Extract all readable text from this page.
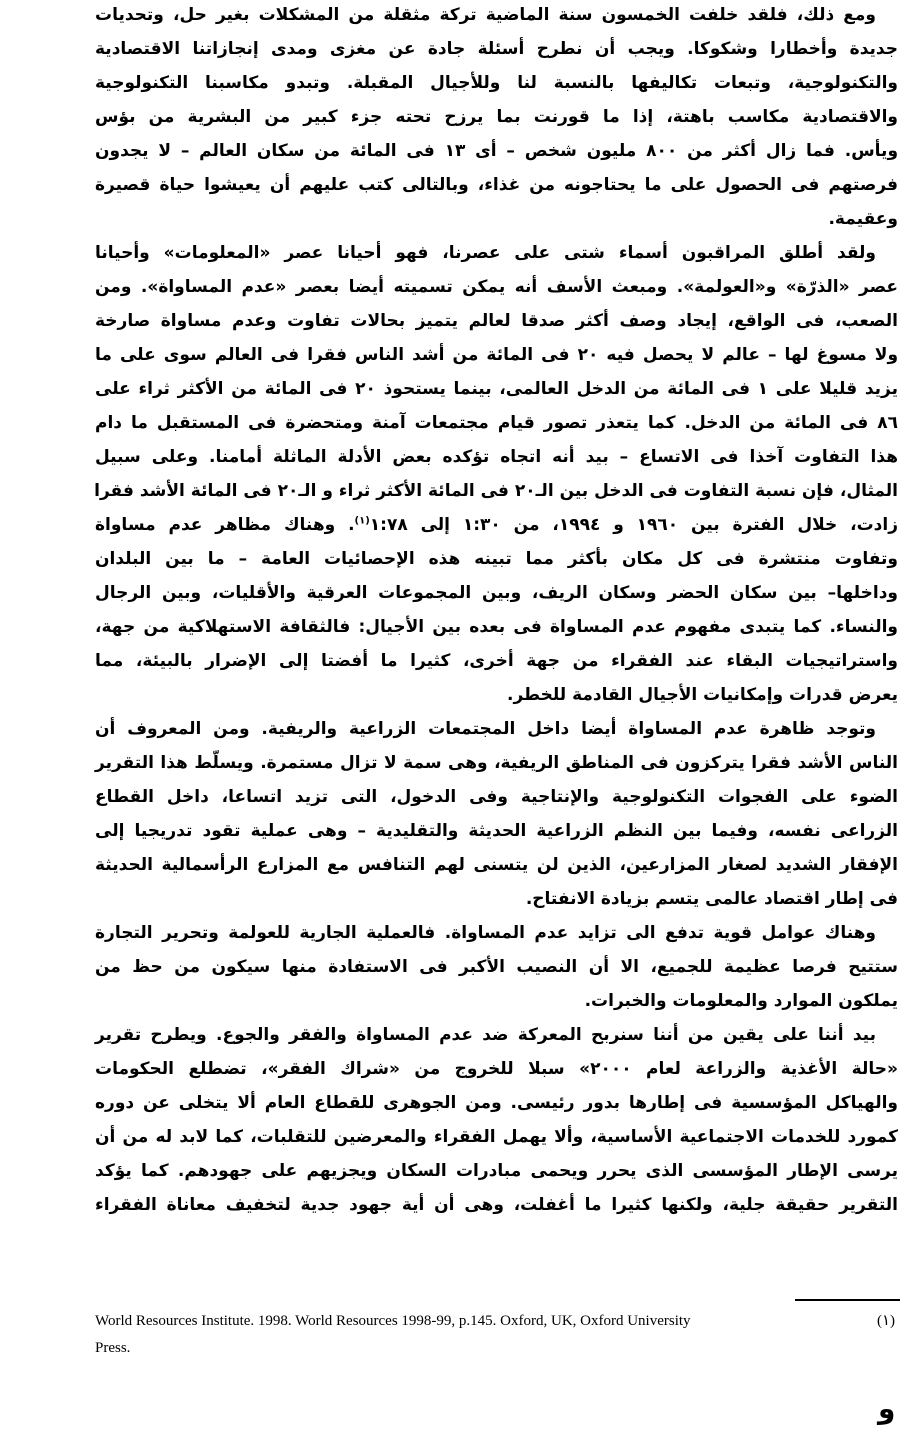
ومع ذلك، فلقد خلفت الخمسون سنة الماضية تركة مثقلة من المشكلات بغير حل، وتحديات
جديدة وأخطارا وشكوكا. ويجب أن نطرح أسئلة جادة عن مغزى ومدى إنجازاتنا الاقتصادية
والتكنولوجية، وتبعات تكاليفها بالنسبة لنا وللأجيال المقبلة. وتبدو مكاسبنا التكنولوجية
والاقتصادية مكاسب باهتة، إذا ما قورنت بما يرزح تحته جزء كبير من البشرية من بؤس
ويأس. فما زال أكثر من ٨٠٠ مليون شخص – أى ١٣ فى المائة من سكان العالم – لا يجدون
فرصتهم فى الحصول على ما يحتاجونه من غذاء، وبالتالى كتب عليهم أن يعيشوا حياة قصيرة
وعقيمة.
ولقد أطلق المراقبون أسماء شتى على عصرنا، فهو أحيانا عصر «المعلومات» وأحيانا
عصر «الذرّة» و«العولمة». ومبعث الأسف أنه يمكن تسميته أيضا بعصر «عدم المساواة». ومن
الصعب، فى الواقع، إيجاد وصف أكثر صدقا لعالم يتميز بحالات تفاوت وعدم مساواة صارخة
ولا مسوغ لها – عالم لا يحصل فيه ٢٠ فى المائة من أشد الناس فقرا فى العالم سوى على ما
يزيد قليلا على ١ فى المائة من الدخل العالمى، بينما يستحوذ ٢٠ فى المائة من الأكثر ثراء على
٨٦ فى المائة من الدخل. كما يتعذر تصور قيام مجتمعات آمنة ومتحضرة فى المستقبل ما دام
هذا التفاوت آخذا فى الاتساع – بيد أنه اتجاه تؤكده بعض الأدلة الماثلة أمامنا. وعلى سبيل
المثال، فإن نسبة التفاوت فى الدخل بين الـ٢٠ فى المائة الأكثر ثراء و الـ٢٠ فى المائة الأشد فقرا
زادت، خلال الفترة بين ١٩٦٠ و ١٩٩٤، من ١:٣٠ إلى ١:٧٨$^{(١)}$. وهناك مظاهر عدم مساواة
وتفاوت منتشرة فى كل مكان بأكثر مما تبينه هذه الإحصائيات العامة – ما بين البلدان
وداخلها– بين سكان الحضر وسكان الريف، وبين المجموعات العرقية والأقليات، وبين الرجال
والنساء. كما يتبدى مفهوم عدم المساواة فى بعده بين الأجيال: فالثقافة الاستهلاكية من جهة،
واستراتيجيات البقاء عند الفقراء من جهة أخرى، كثيرا ما أفضتا إلى الإضرار بالبيئة، مما
يعرض قدرات وإمكانيات الأجيال القادمة للخطر.
وتوجد ظاهرة عدم المساواة أيضا داخل المجتمعات الزراعية والريفية. ومن المعروف أن
الناس الأشد فقرا يتركزون فى المناطق الريفية، وهى سمة لا تزال مستمرة. ويسلّط هذا التقرير
الضوء على الفجوات التكنولوجية والإنتاجية وفى الدخول، التى تزيد اتساعا، داخل القطاع
الزراعى نفسه، وفيما بين النظم الزراعية الحديثة والتقليدية – وهى عملية تقود تدريجيا إلى
الإفقار الشديد لصغار المزارعين، الذين لن يتسنى لهم التنافس مع المزارع الرأسمالية الحديثة
فى إطار اقتصاد عالمى يتسم بزيادة الانفتاح.
وهناك عوامل قوية تدفع الى تزايد عدم المساواة. فالعملية الجارية للعولمة وتحرير التجارة
ستتيح فرصا عظيمة للجميع، الا أن النصيب الأكبر فى الاستفادة منها سيكون من حظ من
يملكون الموارد والمعلومات والخبرات.
بيد أننا على يقين من أننا سنربح المعركة ضد عدم المساواة والفقر والجوع. ويطرح تقرير
«حالة الأغذية والزراعة لعام ٢٠٠٠» سبلا للخروج من «شراك الفقر»، تضطلع الحكومات
والهياكل المؤسسية فى إطارها بدور رئيسى. ومن الجوهرى للقطاع العام ألا يتخلى عن دوره
كمورد للخدمات الاجتماعية الأساسية، وألا يهمل الفقراء والمعرضين للتقلبات، كما لابد له من أن
يرسى الإطار المؤسسى الذى يحرر ويحمى مبادرات السكان ويجزيهم على جهودهم. كما يؤكد
التقرير حقيقة جلية، ولكنها كثيرا ما أغفلت، وهى أن أية جهود جدية لتخفيف معاناة الفقراء
World Resources Institute. 1998. World Resources 1998-99, p.145. Oxford, UK, Oxford University	(١)
Press.
و
